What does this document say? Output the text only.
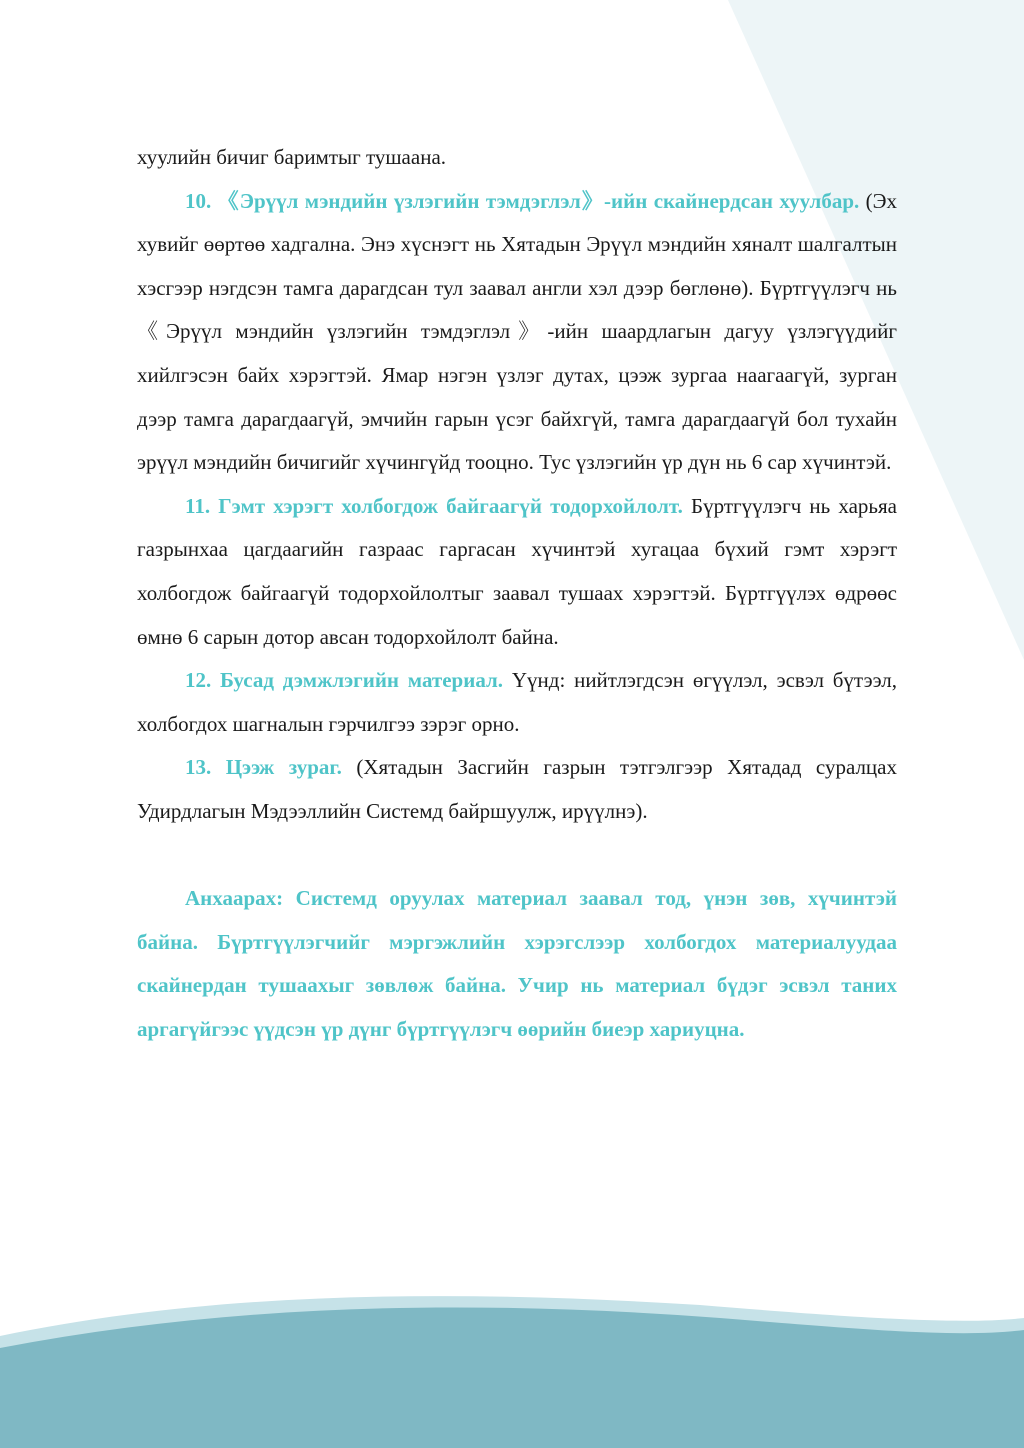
хуулийн бичиг баримтыг тушаана.

10. 《Эрүүл мэндийн үзлэгийн тэмдэглэл》-ийн скайнердсан хуулбар. (Эх хувийг өөртөө хадгална. Энэ хүснэгт нь Хятадын Эрүүл мэндийн хяналт шалгалтын хэсгээр нэгдсэн тамга дарагдсан тул заавал англи хэл дээр бөглөнө). Бүртгүүлэгч нь 《Эрүүл мэндийн үзлэгийн тэмдэглэл》-ийн шаардлагын дагуу үзлэгүүдийг хийлгэсэн байх хэрэгтэй. Ямар нэгэн үзлэг дутах, цээж зургаа наагаагүй, зурган дээр тамга дарагдаагүй, эмчийн гарын үсэг байхгүй, тамга дарагдаагүй бол тухайн эрүүл мэндийн бичигийг хүчингүйд тооцно. Тус үзлэгийн үр дүн нь 6 сар хүчинтэй.

11. Гэмт хэрэгт холбогдож байгаагүй тодорхойлолт. Бүртгүүлэгч нь харьяа газрынхаа цагдаагийн газраас гаргасан хүчинтэй хугацаа бүхий гэмт хэрэгт холбогдож байгаагүй тодорхойлолтыг заавал тушаах хэрэгтэй. Бүртгүүлэх өдрөөс өмнө 6 сарын дотор авсан тодорхойлолт байна.

12. Бусад дэмжлэгийн материал. Үүнд: нийтлэгдсэн өгүүлэл, эсвэл бүтээл, холбогдох шагналын гэрчилгээ зэрэг орно.

13. Цээж зураг. (Хятадын Засгийн газрын тэтгэлгээр Хятадад суралцах Удирдлагын Мэдээллийн Системд байршуулж, ирүүлнэ).

Анхаарах: Системд оруулах материал заавал тод, үнэн зөв, хүчинтэй байна. Бүртгүүлэгчийг мэргэжлийн хэрэгслээр холбогдох материалуудаа скайнердан тушаахыг зөвлөж байна. Учир нь материал бүдэг эсвэл таних аргагүйгээс үүдсэн үр дүнг бүртгүүлэгч өөрийн биеэр хариуцна.
